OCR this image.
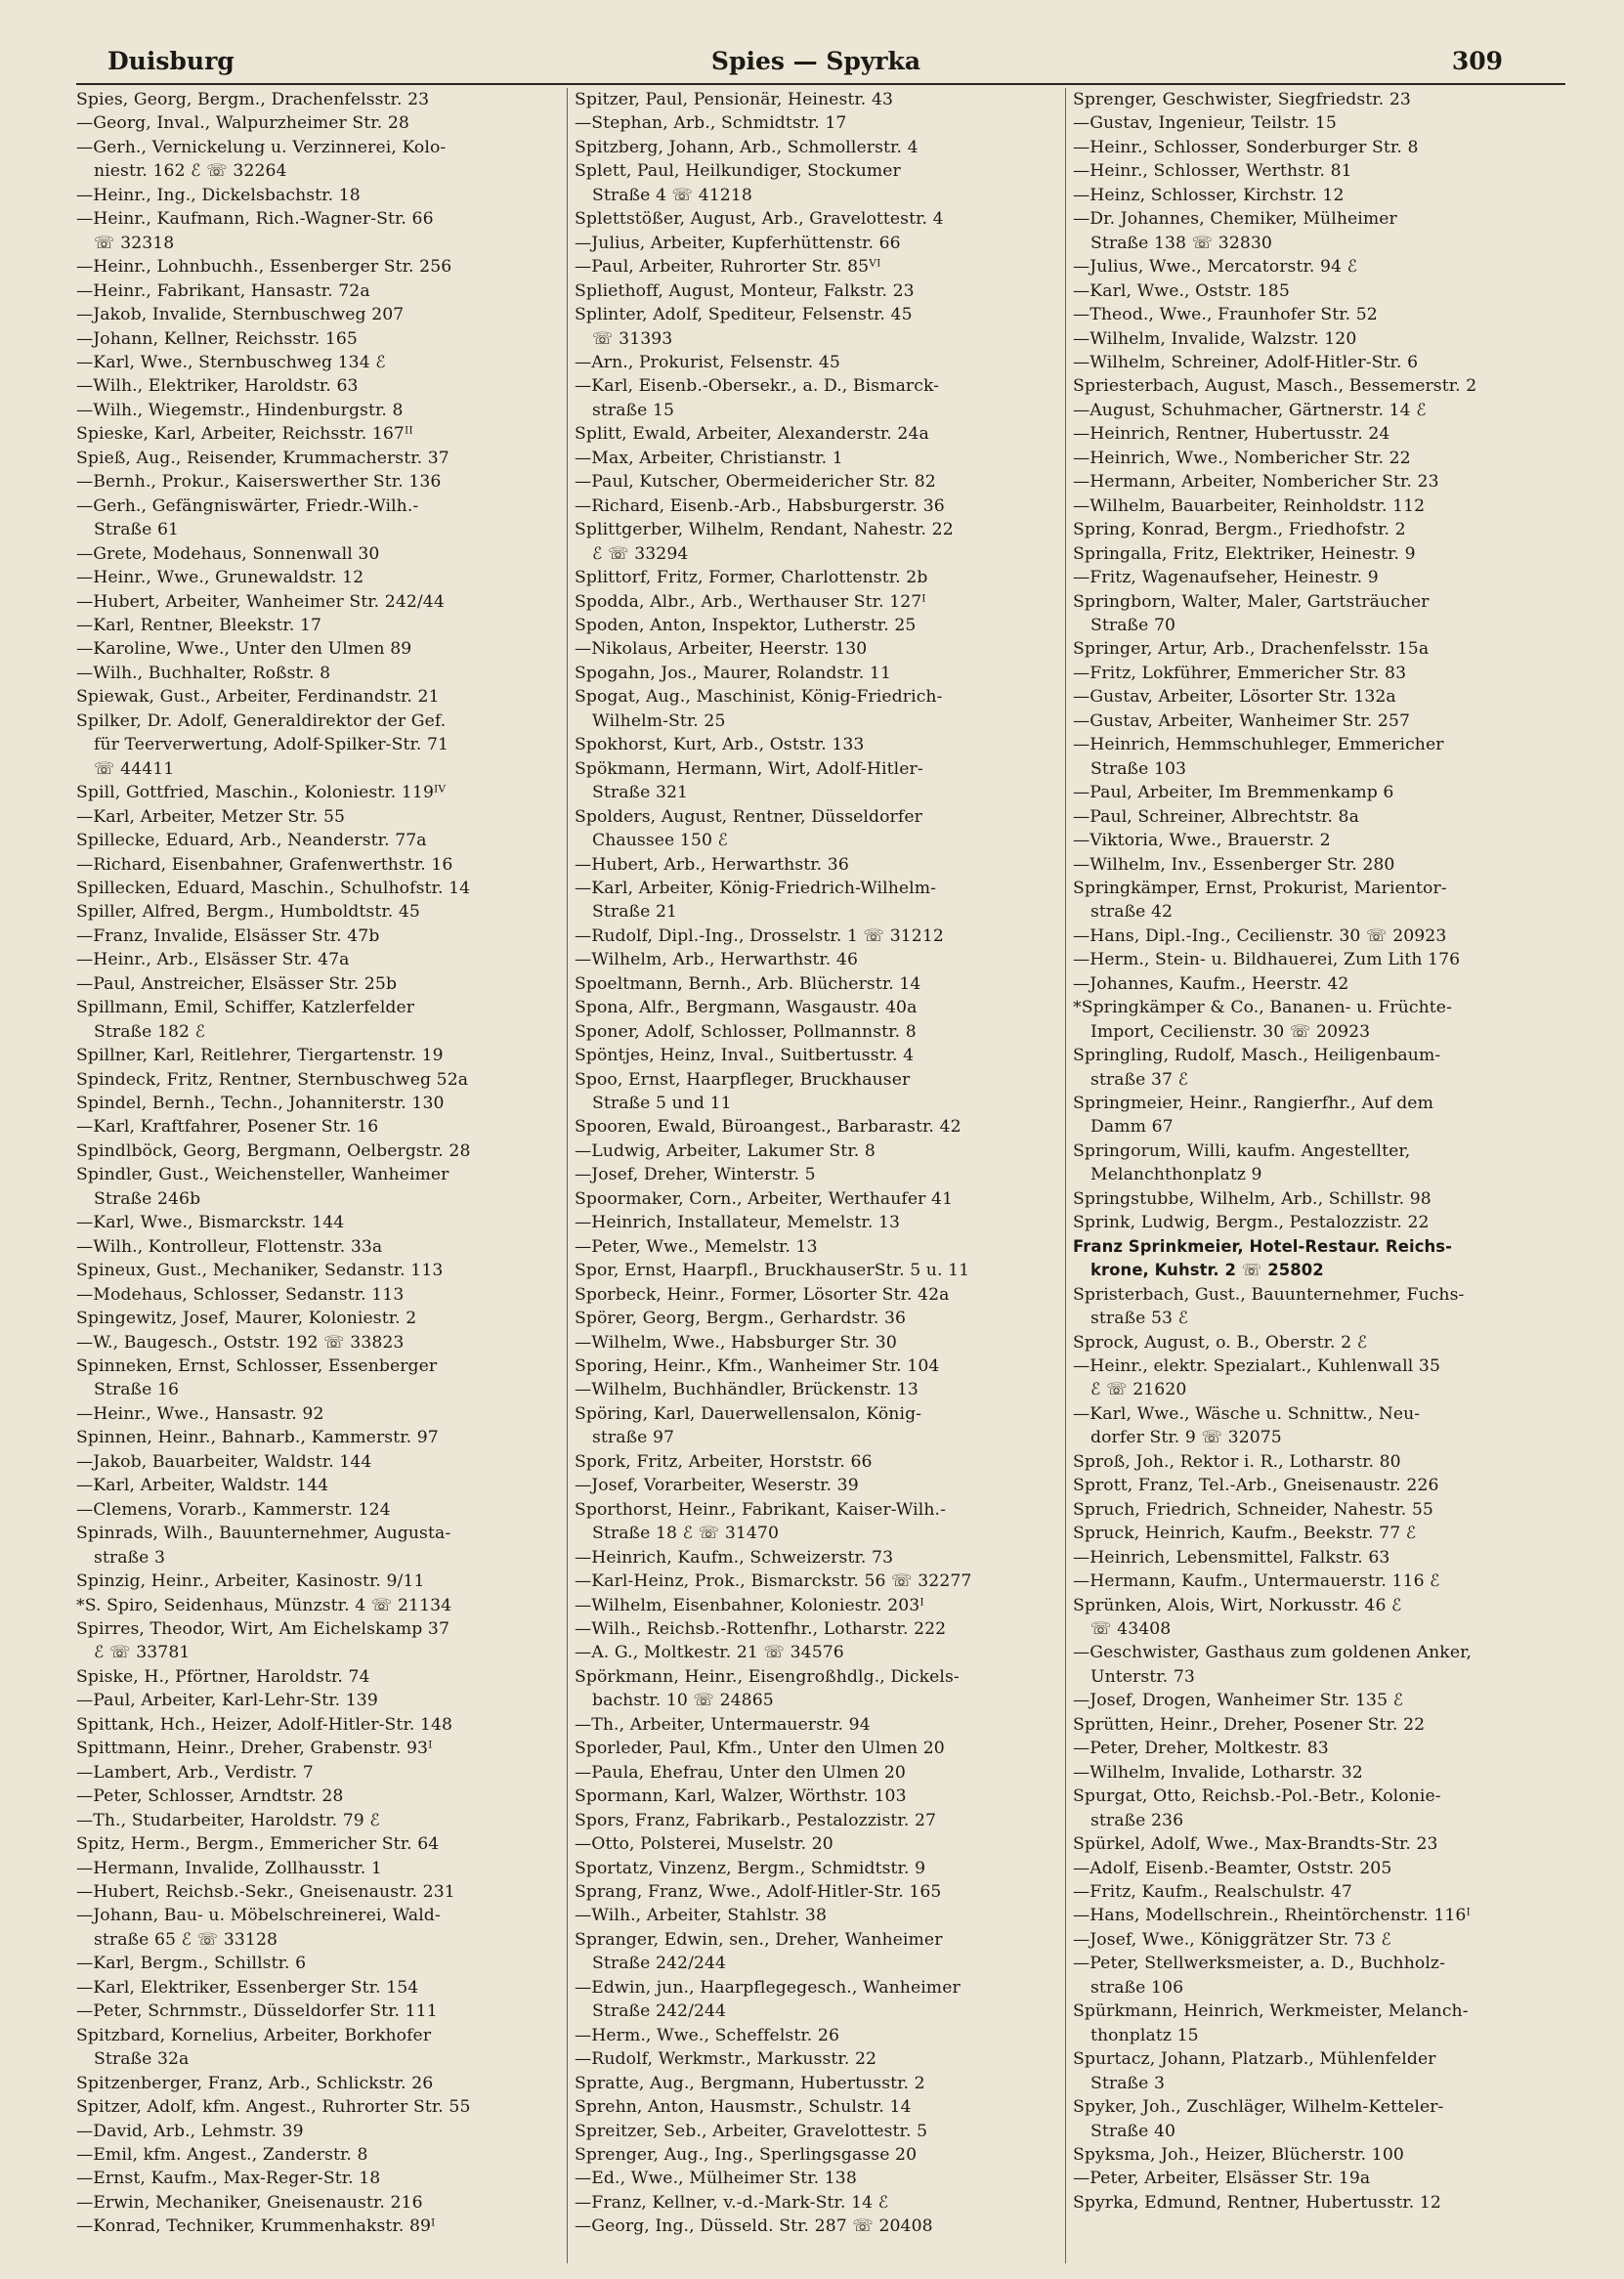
Duisburg	Spies — Spyrka	309
Spies, Georg, Bergm., Drachenfelsstr. 23
—Georg, Inval., Walpurzheimer Str. 28
—Gerh., Vernickelung u. Verzinnerei, Kolo-
niestr. 162 ℰ ☏ 32264
—Heinr., Ing., Dickelsbachstr. 18
—Heinr., Kaufmann, Rich.-Wagner-Str. 66
☏ 32318
—Heinr., Lohnbuchh., Essenberger Str. 256
—Heinr., Fabrikant, Hansastr. 72a
—Jakob, Invalide, Sternbuschweg 207
—Johann, Kellner, Reichsstr. 165
—Karl, Wwe., Sternbuschweg 134 ℰ
—Wilh., Elektriker, Haroldstr. 63
—Wilh., Wiegemstr., Hindenburgstr. 8
Spieske, Karl, Arbeiter, Reichsstr. 167ᴵᴵ
Spieß, Aug., Reisender, Krummacherstr. 37
—Bernh., Prokur., Kaiserswerther Str. 136
—Gerh., Gefängniswärter, Friedr.-Wilh.-
Straße 61
—Grete, Modehaus, Sonnenwall 30
—Heinr., Wwe., Grunewaldstr. 12
—Hubert, Arbeiter, Wanheimer Str. 242/44
—Karl, Rentner, Bleekstr. 17
—Karoline, Wwe., Unter den Ulmen 89
—Wilh., Buchhalter, Roßstr. 8
Spiewak, Gust., Arbeiter, Ferdinandstr. 21
Spilker, Dr. Adolf, Generaldirektor der Gef.
für Teerverwertung, Adolf-Spilker-Str. 71
☏ 44411
Spill, Gottfried, Maschin., Koloniestr. 119ᴵⱽ
—Karl, Arbeiter, Metzer Str. 55
Spillecke, Eduard, Arb., Neanderstr. 77a
—Richard, Eisenbahner, Grafenwerthstr. 16
Spillecken, Eduard, Maschin., Schulhofstr. 14
Spiller, Alfred, Bergm., Humboldtstr. 45
—Franz, Invalide, Elsässer Str. 47b
—Heinr., Arb., Elsässer Str. 47a
—Paul, Anstreicher, Elsässer Str. 25b
Spillmann, Emil, Schiffer, Katzlerfelder
Straße 182 ℰ
Spillner, Karl, Reitlehrer, Tiergartenstr. 19
Spindeck, Fritz, Rentner, Sternbuschweg 52a
Spindel, Bernh., Techn., Johanniterstr. 130
—Karl, Kraftfahrer, Posener Str. 16
Spindlböck, Georg, Bergmann, Oelbergstr. 28
Spindler, Gust., Weichensteller, Wanheimer
Straße 246b
—Karl, Wwe., Bismarckstr. 144
—Wilh., Kontrolleur, Flottenstr. 33a
Spineux, Gust., Mechaniker, Sedanstr. 113
—Modehaus, Schlosser, Sedanstr. 113
Spingewitz, Josef, Maurer, Koloniestr. 2
—W., Baugesch., Oststr. 192 ☏ 33823
Spinneken, Ernst, Schlosser, Essenberger
Straße 16
—Heinr., Wwe., Hansastr. 92
Spinnen, Heinr., Bahnarb., Kammerstr. 97
—Jakob, Bauarbeiter, Waldstr. 144
—Karl, Arbeiter, Waldstr. 144
—Clemens, Vorarb., Kammerstr. 124
Spinrads, Wilh., Bauunternehmer, Augusta-
straße 3
Spinzig, Heinr., Arbeiter, Kasinostr. 9/11
*S. Spiro, Seidenhaus, Münzstr. 4 ☏ 21134
Spirres, Theodor, Wirt, Am Eichelskamp 37
ℰ ☏ 33781
Spiske, H., Pförtner, Haroldstr. 74
—Paul, Arbeiter, Karl-Lehr-Str. 139
Spittank, Hch., Heizer, Adolf-Hitler-Str. 148
Spittmann, Heinr., Dreher, Grabenstr. 93ᴵ
—Lambert, Arb., Verdistr. 7
—Peter, Schlosser, Arndtstr. 28
—Th., Studarbeiter, Haroldstr. 79 ℰ
Spitz, Herm., Bergm., Emmericher Str. 64
—Hermann, Invalide, Zollhausstr. 1
—Hubert, Reichsb.-Sekr., Gneisenaustr. 231
—Johann, Bau- u. Möbelschreinerei, Wald-
straße 65 ℰ ☏ 33128
—Karl, Bergm., Schillstr. 6
—Karl, Elektriker, Essenberger Str. 154
—Peter, Schrnmstr., Düsseldorfer Str. 111
Spitzbard, Kornelius, Arbeiter, Borkhofer
Straße 32a
Spitzenberger, Franz, Arb., Schlickstr. 26
Spitzer, Adolf, kfm. Angest., Ruhrorter Str. 55
—David, Arb., Lehmstr. 39
—Emil, kfm. Angest., Zanderstr. 8
—Ernst, Kaufm., Max-Reger-Str. 18
—Erwin, Mechaniker, Gneisenaustr. 216
—Konrad, Techniker, Krummenhakstr. 89ᴵ
Spitzer, Paul, Pensionär, Heinestr. 43
—Stephan, Arb., Schmidtstr. 17
Spitzberg, Johann, Arb., Schmollerstr. 4
Splett, Paul, Heilkundiger, Stockumer
Straße 4 ☏ 41218
Splettstößer, August, Arb., Gravelottestr. 4
—Julius, Arbeiter, Kupferhüttenstr. 66
—Paul, Arbeiter, Ruhrorter Str. 85ⱽᴵ
Spliethoff, August, Monteur, Falkstr. 23
Splinter, Adolf, Spediteur, Felsenstr. 45
☏ 31393
—Arn., Prokurist, Felsenstr. 45
—Karl, Eisenb.-Obersekr., a. D., Bismarck-
straße 15
Splitt, Ewald, Arbeiter, Alexanderstr. 24a
—Max, Arbeiter, Christianstr. 1
—Paul, Kutscher, Obermeidericher Str. 82
—Richard, Eisenb.-Arb., Habsburgerstr. 36
Splittgerber, Wilhelm, Rendant, Nahestr. 22
ℰ ☏ 33294
Splittorf, Fritz, Former, Charlottenstr. 2b
Spodda, Albr., Arb., Werthauser Str. 127ᴵ
Spoden, Anton, Inspektor, Lutherstr. 25
—Nikolaus, Arbeiter, Heerstr. 130
Spogahn, Jos., Maurer, Rolandstr. 11
Spogat, Aug., Maschinist, König-Friedrich-
Wilhelm-Str. 25
Spokhorst, Kurt, Arb., Oststr. 133
Spökmann, Hermann, Wirt, Adolf-Hitler-
Straße 321
Spolders, August, Rentner, Düsseldorfer
Chaussee 150 ℰ
—Hubert, Arb., Herwarthstr. 36
—Karl, Arbeiter, König-Friedrich-Wilhelm-
Straße 21
—Rudolf, Dipl.-Ing., Drosselstr. 1 ☏ 31212
—Wilhelm, Arb., Herwarthstr. 46
Spoeltmann, Bernh., Arb. Blücherstr. 14
Spona, Alfr., Bergmann, Wasgaustr. 40a
Sponer, Adolf, Schlosser, Pollmannstr. 8
Spöntjes, Heinz, Inval., Suitbertusstr. 4
Spoo, Ernst, Haarpfleger, Bruckhauser
Straße 5 und 11
Spooren, Ewald, Büroangest., Barbarastr. 42
—Ludwig, Arbeiter, Lakumer Str. 8
—Josef, Dreher, Winterstr. 5
Spoormaker, Corn., Arbeiter, Werthaufer 41
—Heinrich, Installateur, Memelstr. 13
—Peter, Wwe., Memelstr. 13
Spor, Ernst, Haarpfl., BruckhauserStr. 5 u. 11
Sporbeck, Heinr., Former, Lösorter Str. 42a
Spörer, Georg, Bergm., Gerhardstr. 36
—Wilhelm, Wwe., Habsburger Str. 30
Sporing, Heinr., Kfm., Wanheimer Str. 104
—Wilhelm, Buchhändler, Brückenstr. 13
Spöring, Karl, Dauerwellensalon, König-
straße 97
Spork, Fritz, Arbeiter, Horststr. 66
—Josef, Vorarbeiter, Weserstr. 39
Sporthorst, Heinr., Fabrikant, Kaiser-Wilh.-
Straße 18 ℰ ☏ 31470
—Heinrich, Kaufm., Schweizerstr. 73
—Karl-Heinz, Prok., Bismarckstr. 56 ☏ 32277
—Wilhelm, Eisenbahner, Koloniestr. 203ᴵ
—Wilh., Reichsb.-Rottenfhr., Lotharstr. 222
—A. G., Moltkestr. 21 ☏ 34576
Spörkmann, Heinr., Eisengroßhdlg., Dickels-
bachstr. 10 ☏ 24865
—Th., Arbeiter, Untermauerstr. 94
Sporleder, Paul, Kfm., Unter den Ulmen 20
—Paula, Ehefrau, Unter den Ulmen 20
Spormann, Karl, Walzer, Wörthstr. 103
Spors, Franz, Fabrikarb., Pestalozzistr. 27
—Otto, Polsterei, Muselstr. 20
Sportatz, Vinzenz, Bergm., Schmidtstr. 9
Sprang, Franz, Wwe., Adolf-Hitler-Str. 165
—Wilh., Arbeiter, Stahlstr. 38
Spranger, Edwin, sen., Dreher, Wanheimer
Straße 242/244
—Edwin, jun., Haarpflegegesch., Wanheimer
Straße 242/244
—Herm., Wwe., Scheffelstr. 26
—Rudolf, Werkmstr., Markusstr. 22
Spratte, Aug., Bergmann, Hubertusstr. 2
Sprehn, Anton, Hausmstr., Schulstr. 14
Spreitzer, Seb., Arbeiter, Gravelottestr. 5
Sprenger, Aug., Ing., Sperlingsgasse 20
—Ed., Wwe., Mülheimer Str. 138
—Franz, Kellner, v.-d.-Mark-Str. 14 ℰ
—Georg, Ing., Düsseld. Str. 287 ☏ 20408
Sprenger, Geschwister, Siegfriedstr. 23
—Gustav, Ingenieur, Teilstr. 15
—Heinr., Schlosser, Sonderburger Str. 8
—Heinr., Schlosser, Werthstr. 81
—Heinz, Schlosser, Kirchstr. 12
—Dr. Johannes, Chemiker, Mülheimer
Straße 138 ☏ 32830
—Julius, Wwe., Mercatorstr. 94 ℰ
—Karl, Wwe., Oststr. 185
—Theod., Wwe., Fraunhofer Str. 52
—Wilhelm, Invalide, Walzstr. 120
—Wilhelm, Schreiner, Adolf-Hitler-Str. 6
Spriesterbach, August, Masch., Bessemerstr. 2
—August, Schuhmacher, Gärtnerstr. 14 ℰ
—Heinrich, Rentner, Hubertusstr. 24
—Heinrich, Wwe., Nombericher Str. 22
—Hermann, Arbeiter, Nombericher Str. 23
—Wilhelm, Bauarbeiter, Reinholdstr. 112
Spring, Konrad, Bergm., Friedhofstr. 2
Springalla, Fritz, Elektriker, Heinestr. 9
—Fritz, Wagenaufseher, Heinestr. 9
Springborn, Walter, Maler, Gartsträucher
Straße 70
Springer, Artur, Arb., Drachenfelsstr. 15a
—Fritz, Lokführer, Emmericher Str. 83
—Gustav, Arbeiter, Lösorter Str. 132a
—Gustav, Arbeiter, Wanheimer Str. 257
—Heinrich, Hemmschuhleger, Emmericher
Straße 103
—Paul, Arbeiter, Im Bremmenkamp 6
—Paul, Schreiner, Albrechtstr. 8a
—Viktoria, Wwe., Brauerstr. 2
—Wilhelm, Inv., Essenberger Str. 280
Springkämper, Ernst, Prokurist, Marientor-
straße 42
—Hans, Dipl.-Ing., Cecilienstr. 30 ☏ 20923
—Herm., Stein- u. Bildhauerei, Zum Lith 176
—Johannes, Kaufm., Heerstr. 42
*Springkämper & Co., Bananen- u. Früchte-
Import, Cecilienstr. 30 ☏ 20923
Springling, Rudolf, Masch., Heiligenbaum-
straße 37 ℰ
Springmeier, Heinr., Rangierfhr., Auf dem
Damm 67
Springorum, Willi, kaufm. Angestellter,
Melanchthonplatz 9
Springstubbe, Wilhelm, Arb., Schillstr. 98
Sprink, Ludwig, Bergm., Pestalozzistr. 22
Franz Sprinkmeier, Hotel-Restaur. Reichs-
krone, Kuhstr. 2 ☏ 25802
Spristerbach, Gust., Bauunternehmer, Fuchs-
straße 53 ℰ
Sprock, August, o. B., Oberstr. 2 ℰ
—Heinr., elektr. Spezialart., Kuhlenwall 35
ℰ ☏ 21620
—Karl, Wwe., Wäsche u. Schnittw., Neu-
dorfer Str. 9 ☏ 32075
Sproß, Joh., Rektor i. R., Lotharstr. 80
Sprott, Franz, Tel.-Arb., Gneisenaustr. 226
Spruch, Friedrich, Schneider, Nahestr. 55
Spruck, Heinrich, Kaufm., Beekstr. 77 ℰ
—Heinrich, Lebensmittel, Falkstr. 63
—Hermann, Kaufm., Untermauerstr. 116 ℰ
Sprünken, Alois, Wirt, Norkusstr. 46 ℰ
☏ 43408
—Geschwister, Gasthaus zum goldenen Anker,
Unterstr. 73
—Josef, Drogen, Wanheimer Str. 135 ℰ
Sprütten, Heinr., Dreher, Posener Str. 22
—Peter, Dreher, Moltkestr. 83
—Wilhelm, Invalide, Lotharstr. 32
Spurgat, Otto, Reichsb.-Pol.-Betr., Kolonie-
straße 236
Spürkel, Adolf, Wwe., Max-Brandts-Str. 23
—Adolf, Eisenb.-Beamter, Oststr. 205
—Fritz, Kaufm., Realschulstr. 47
—Hans, Modellschrein., Rheintörchenstr. 116ᴵ
—Josef, Wwe., Königgrätzer Str. 73 ℰ
—Peter, Stellwerksmeister, a. D., Buchholz-
straße 106
Spürkmann, Heinrich, Werkmeister, Melanch-
thonplatz 15
Spurtacz, Johann, Platzarb., Mühlenfelder
Straße 3
Spyker, Joh., Zuschläger, Wilhelm-Ketteler-
Straße 40
Spyksma, Joh., Heizer, Blücherstr. 100
—Peter, Arbeiter, Elsässer Str. 19a
Spyrka, Edmund, Rentner, Hubertusstr. 12
